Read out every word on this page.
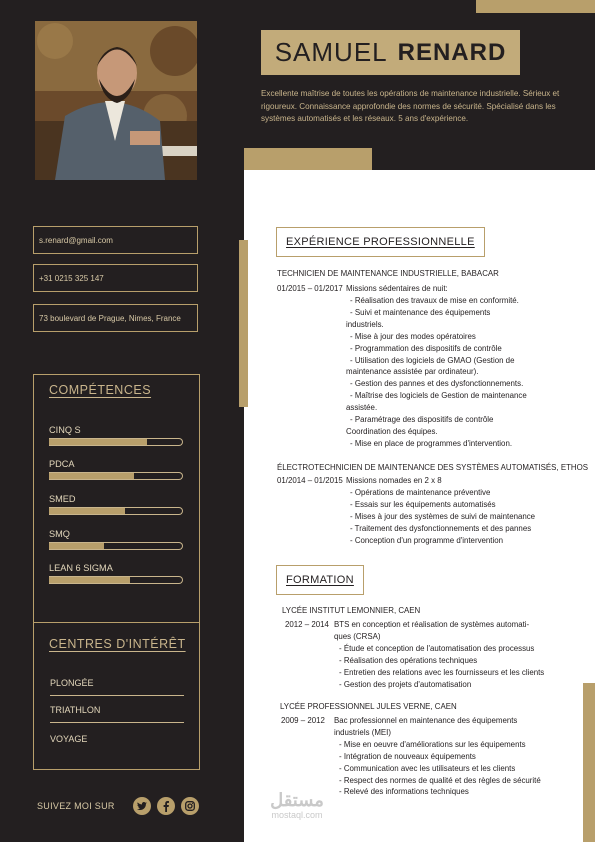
SAMUEL RENARD
Excellente maîtrise de toutes les opérations de maintenance industrielle. Sérieux et rigoureux. Connaissance approfondie des normes de sécurité. Spécialisé dans les systèmes automatisés et les réseaux. 5 ans d'expérience.
s.renard@gmail.com
+31 0215 325 147
73 boulevard de Prague, Nimes, France
COMPÉTENCES
CINQ S
PDCA
SMED
SMQ
LEAN 6 SIGMA
CENTRES D'INTÉRÊT
PLONGÉE
TRIATHLON
VOYAGE
SUIVEZ MOI SUR
EXPÉRIENCE PROFESSIONNELLE
TECHNICIEN DE MAINTENANCE INDUSTRIELLE, BABACAR
01/2015 – 01/2017 Missions sédentaires de nuit:
- Réalisation des travaux de mise en conformité.
- Suivi et maintenance des équipements
industriels.
- Mise à jour des modes opératoires
- Programmation des dispositifs de contrôle
- Utilisation des logiciels de GMAO (Gestion de
maintenance assistée par ordinateur).
- Gestion des pannes et des dysfonctionnements.
- Maîtrise des logiciels de Gestion de maintenance
assistée.
- Paramétrage des dispositifs de contrôle
Coordination des équipes.
- Mise en place de programmes d'intervention.
ÉLECTROTECHNICIEN DE MAINTENANCE DES SYSTÈMES AUTOMATISÉS, ETHOS
01/2014 – 01/2015 Missions nomades en 2 x 8
- Opérations de maintenance préventive
- Essais sur les équipements automatisés
- Mises à jour des systèmes de suivi de maintenance
- Traitement des dysfonctionnements et des pannes
- Conception d'un programme d'intervention
FORMATION
LYCÉE INSTITUT LEMONNIER, CAEN
2012 – 2014 BTS en conception et réalisation de systèmes automati-
ques (CRSA)
- Étude et conception de l'automatisation des processus
- Réalisation des opérations techniques
- Entretien des relations avec les fournisseurs et les clients
- Gestion des projets d'automatisation
LYCÉE PROFESSIONNEL JULES VERNE, CAEN
2009 – 2012 Bac professionnel en maintenance des équipements
industriels (MEI)
- Mise en oeuvre d'améliorations sur les équipements
- Intégration de nouveaux équipements
- Communication avec les utilisateurs et les clients
- Respect des normes de qualité et des règles de sécurité
- Relevé des informations techniques
مستقل
mostaql.com
